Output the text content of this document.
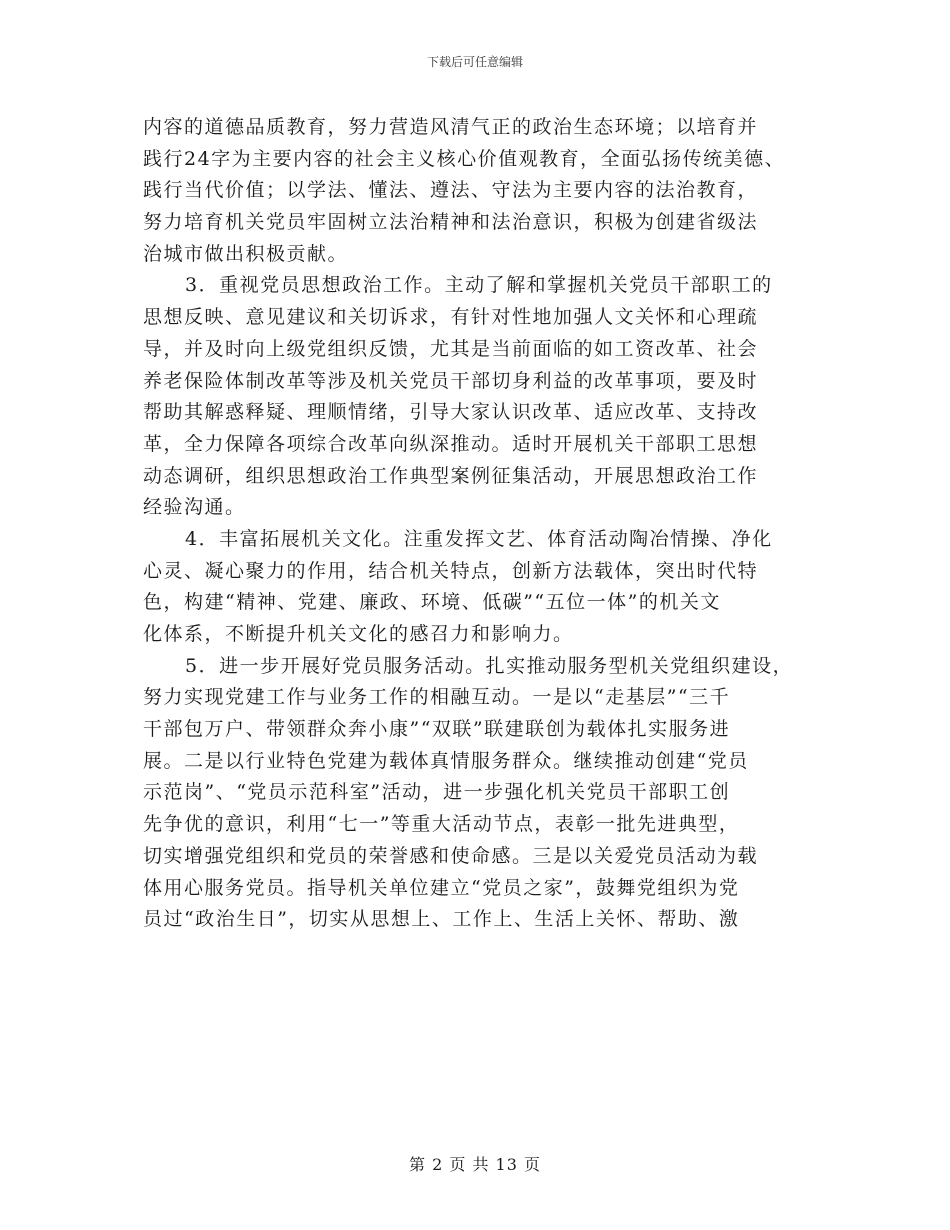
下载后可任意编辑
内容的道德品质教育，努力营造风清气正的政治生态环境；以培育并
践行24字为主要内容的社会主义核心价值观教育，全面弘扬传统美德、
践行当代价值；以学法、懂法、遵法、守法为主要内容的法治教育，
努力培育机关党员牢固树立法治精神和法治意识，积极为创建省级法
治城市做出积极贡献。
3．重视党员思想政治工作。主动了解和掌握机关党员干部职工的
思想反映、意见建议和关切诉求，有针对性地加强人文关怀和心理疏
导，并及时向上级党组织反馈，尤其是当前面临的如工资改革、社会
养老保险体制改革等涉及机关党员干部切身利益的改革事项，要及时
帮助其解惑释疑、理顺情绪，引导大家认识改革、适应改革、支持改
革，全力保障各项综合改革向纵深推动。适时开展机关干部职工思想
动态调研，组织思想政治工作典型案例征集活动，开展思想政治工作
经验沟通。
4．丰富拓展机关文化。注重发挥文艺、体育活动陶冶情操、净化
心灵、凝心聚力的作用，结合机关特点，创新方法载体，突出时代特
色，构建“精神、党建、廉政、环境、低碳”“五位一体”的机关文
化体系，不断提升机关文化的感召力和影响力。
5．进一步开展好党员服务活动。扎实推动服务型机关党组织建设，
努力实现党建工作与业务工作的相融互动。一是以“走基层”“三千
干部包万户、带领群众奔小康”“双联”联建联创为载体扎实服务进
展。二是以行业特色党建为载体真情服务群众。继续推动创建“党员
示范岗”、“党员示范科室”活动，进一步强化机关党员干部职工创
先争优的意识，利用“七一”等重大活动节点，表彰一批先进典型，
切实增强党组织和党员的荣誉感和使命感。三是以关爱党员活动为载
体用心服务党员。指导机关单位建立“党员之家”，鼓舞党组织为党
员过“政治生日”，切实从思想上、工作上、生活上关怀、帮助、激
第 2 页 共 13 页
